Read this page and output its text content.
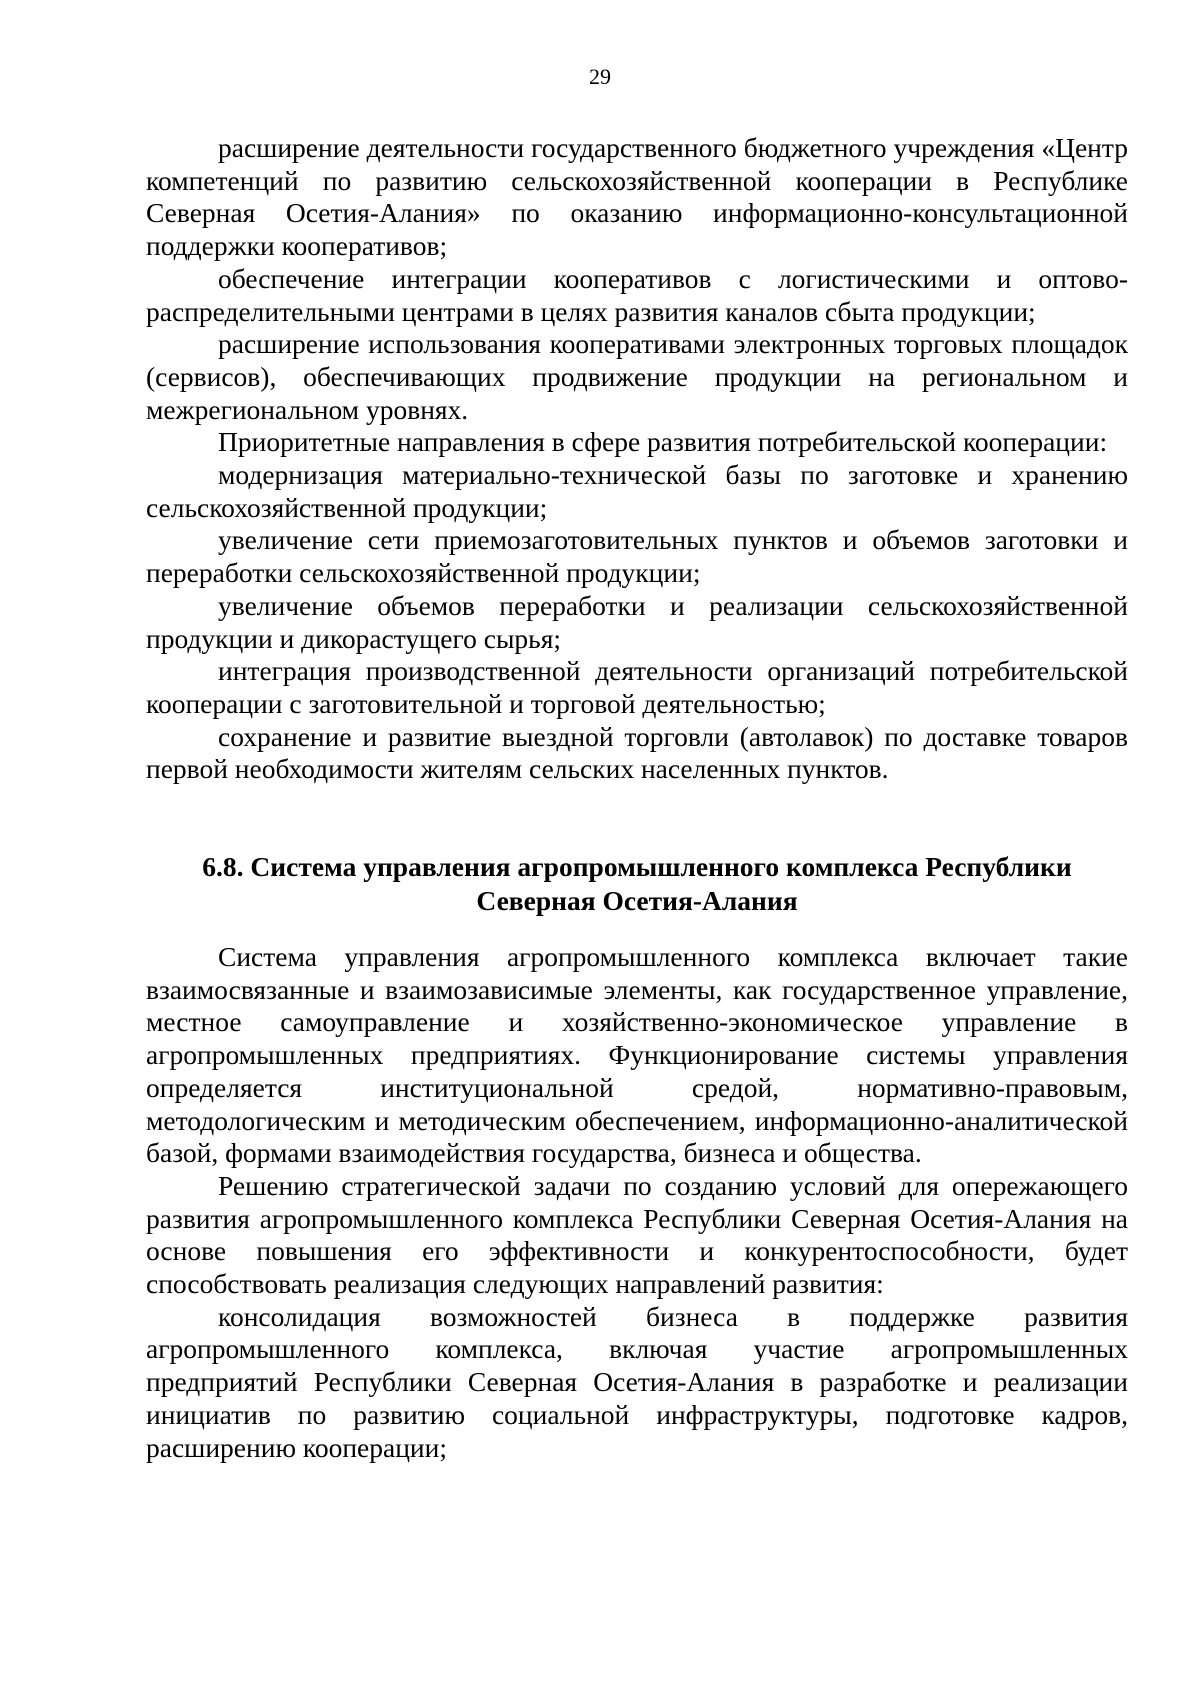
29

расширение деятельности государственного бюджетного учреждения «Центр компетенций по развитию сельскохозяйственной кооперации в Республике Северная Осетия-Алания» по оказанию информационно-консультационной поддержки кооперативов;

обеспечение интеграции кооперативов с логистическими и оптово-распределительными центрами в целях развития каналов сбыта продукции;

расширение использования кооперативами электронных торговых площадок (сервисов), обеспечивающих продвижение продукции на региональном и межрегиональном уровнях.

Приоритетные направления в сфере развития потребительской кооперации:

модернизация материально-технической базы по заготовке и хранению сельскохозяйственной продукции;

увеличение сети приемозаготовительных пунктов и объемов заготовки и переработки сельскохозяйственной продукции;

увеличение объемов переработки и реализации сельскохозяйственной продукции и дикорастущего сырья;

интеграция производственной деятельности организаций потребительской кооперации с заготовительной и торговой деятельностью;

сохранение и развитие выездной торговли (автолавок) по доставке товаров первой необходимости жителям сельских населенных пунктов.

6.8. Система управления агропромышленного комплекса Республики
Северная Осетия-Алания

Система управления агропромышленного комплекса включает такие взаимосвязанные и взаимозависимые элементы, как государственное управление, местное самоуправление и хозяйственно-экономическое управление в агропромышленных предприятиях. Функционирование системы управления определяется институциональной средой, нормативно-правовым, методологическим и методическим обеспечением, информационно-аналитической базой, формами взаимодействия государства, бизнеса и общества.

Решению стратегической задачи по созданию условий для опережающего развития агропромышленного комплекса Республики Северная Осетия-Алания на основе повышения его эффективности и конкурентоспособности, будет способствовать реализация следующих направлений развития:

консолидация возможностей бизнеса в поддержке развития агропромышленного комплекса, включая участие агропромышленных предприятий Республики Северная Осетия-Алания в разработке и реализации инициатив по развитию социальной инфраструктуры, подготовке кадров, расширению кооперации;
